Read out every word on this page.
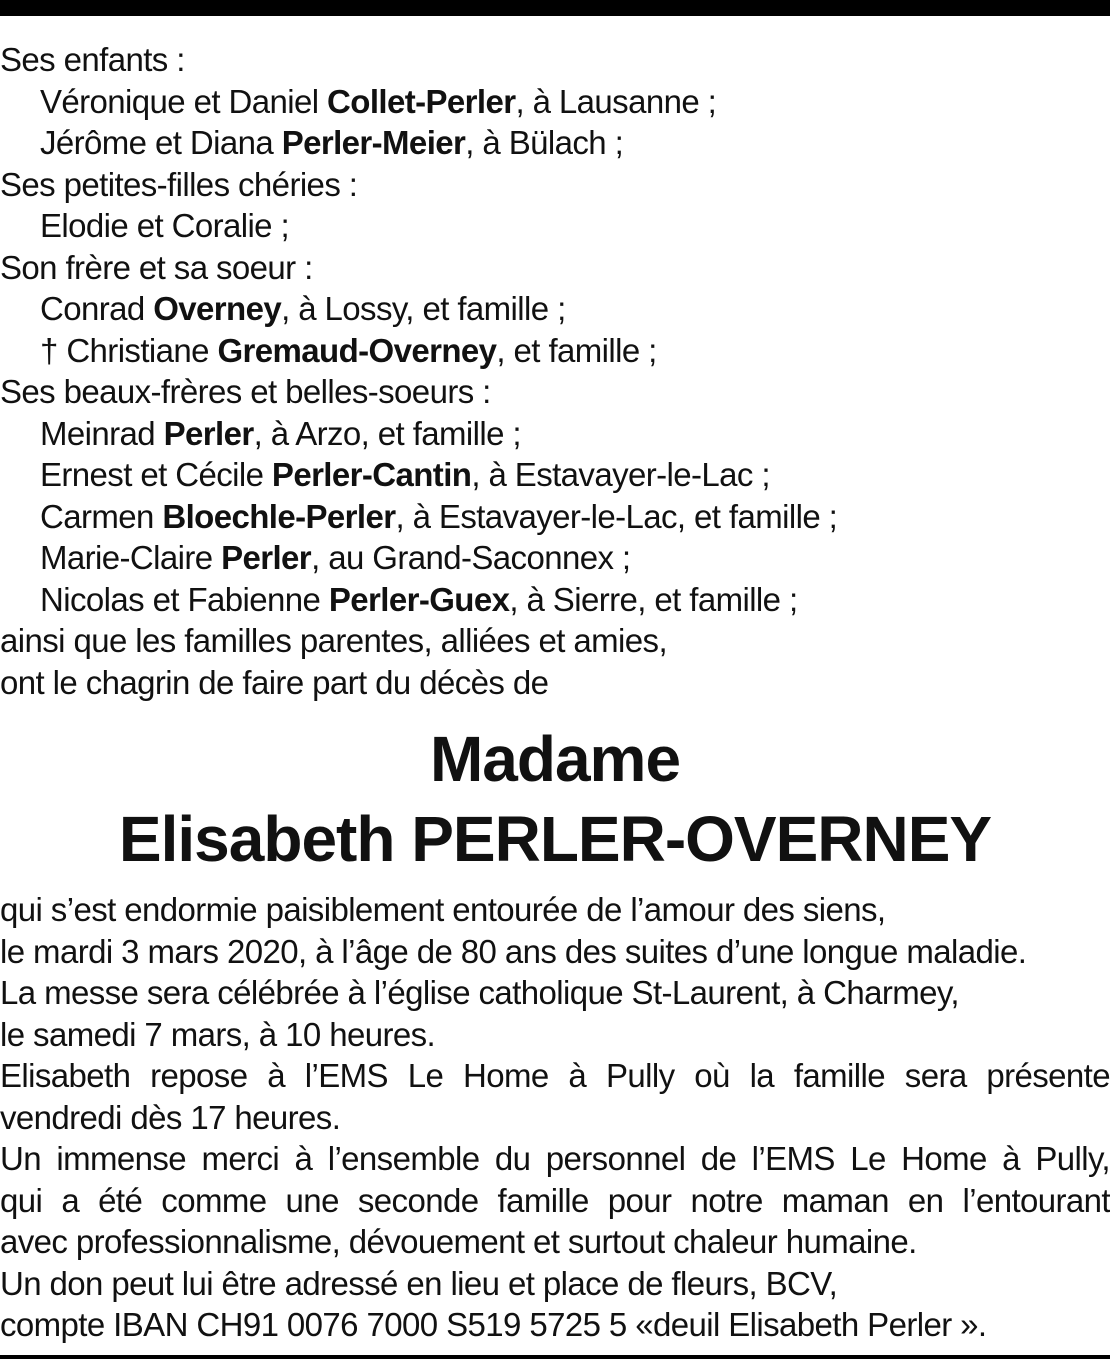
Ses enfants :
Véronique et Daniel Collet-Perler, à Lausanne ;
Jérôme et Diana Perler-Meier, à Bülach ;
Ses petites-filles chéries :
Elodie et Coralie ;
Son frère et sa soeur :
Conrad Overney, à Lossy, et famille ;
† Christiane Gremaud-Overney, et famille ;
Ses beaux-frères et belles-soeurs :
Meinrad Perler, à Arzo, et famille ;
Ernest et Cécile Perler-Cantin, à Estavayer-le-Lac ;
Carmen Bloechle-Perler, à Estavayer-le-Lac, et famille ;
Marie-Claire Perler, au Grand-Saconnex ;
Nicolas et Fabienne Perler-Guex, à Sierre, et famille ;
ainsi que les familles parentes, alliées et amies,
ont le chagrin de faire part du décès de
Madame
Elisabeth PERLER-OVERNEY
qui s’est endormie paisiblement entourée de l’amour des siens,
le mardi 3 mars 2020, à l’âge de 80 ans des suites d’une longue maladie.
La messe sera célébrée à l’église catholique St-Laurent, à Charmey,
le samedi 7 mars, à 10 heures.
Elisabeth repose à l’EMS Le Home à Pully où la famille sera présente
vendredi dès 17 heures.
Un immense merci à l’ensemble du personnel de l’EMS Le Home à Pully,
qui a été comme une seconde famille pour notre maman en l’entourant
avec professionnalisme, dévouement et surtout chaleur humaine.
Un don peut lui être adressé en lieu et place de fleurs, BCV,
compte IBAN CH91 0076 7000 S519 5725 5 «deuil Elisabeth Perler ».
